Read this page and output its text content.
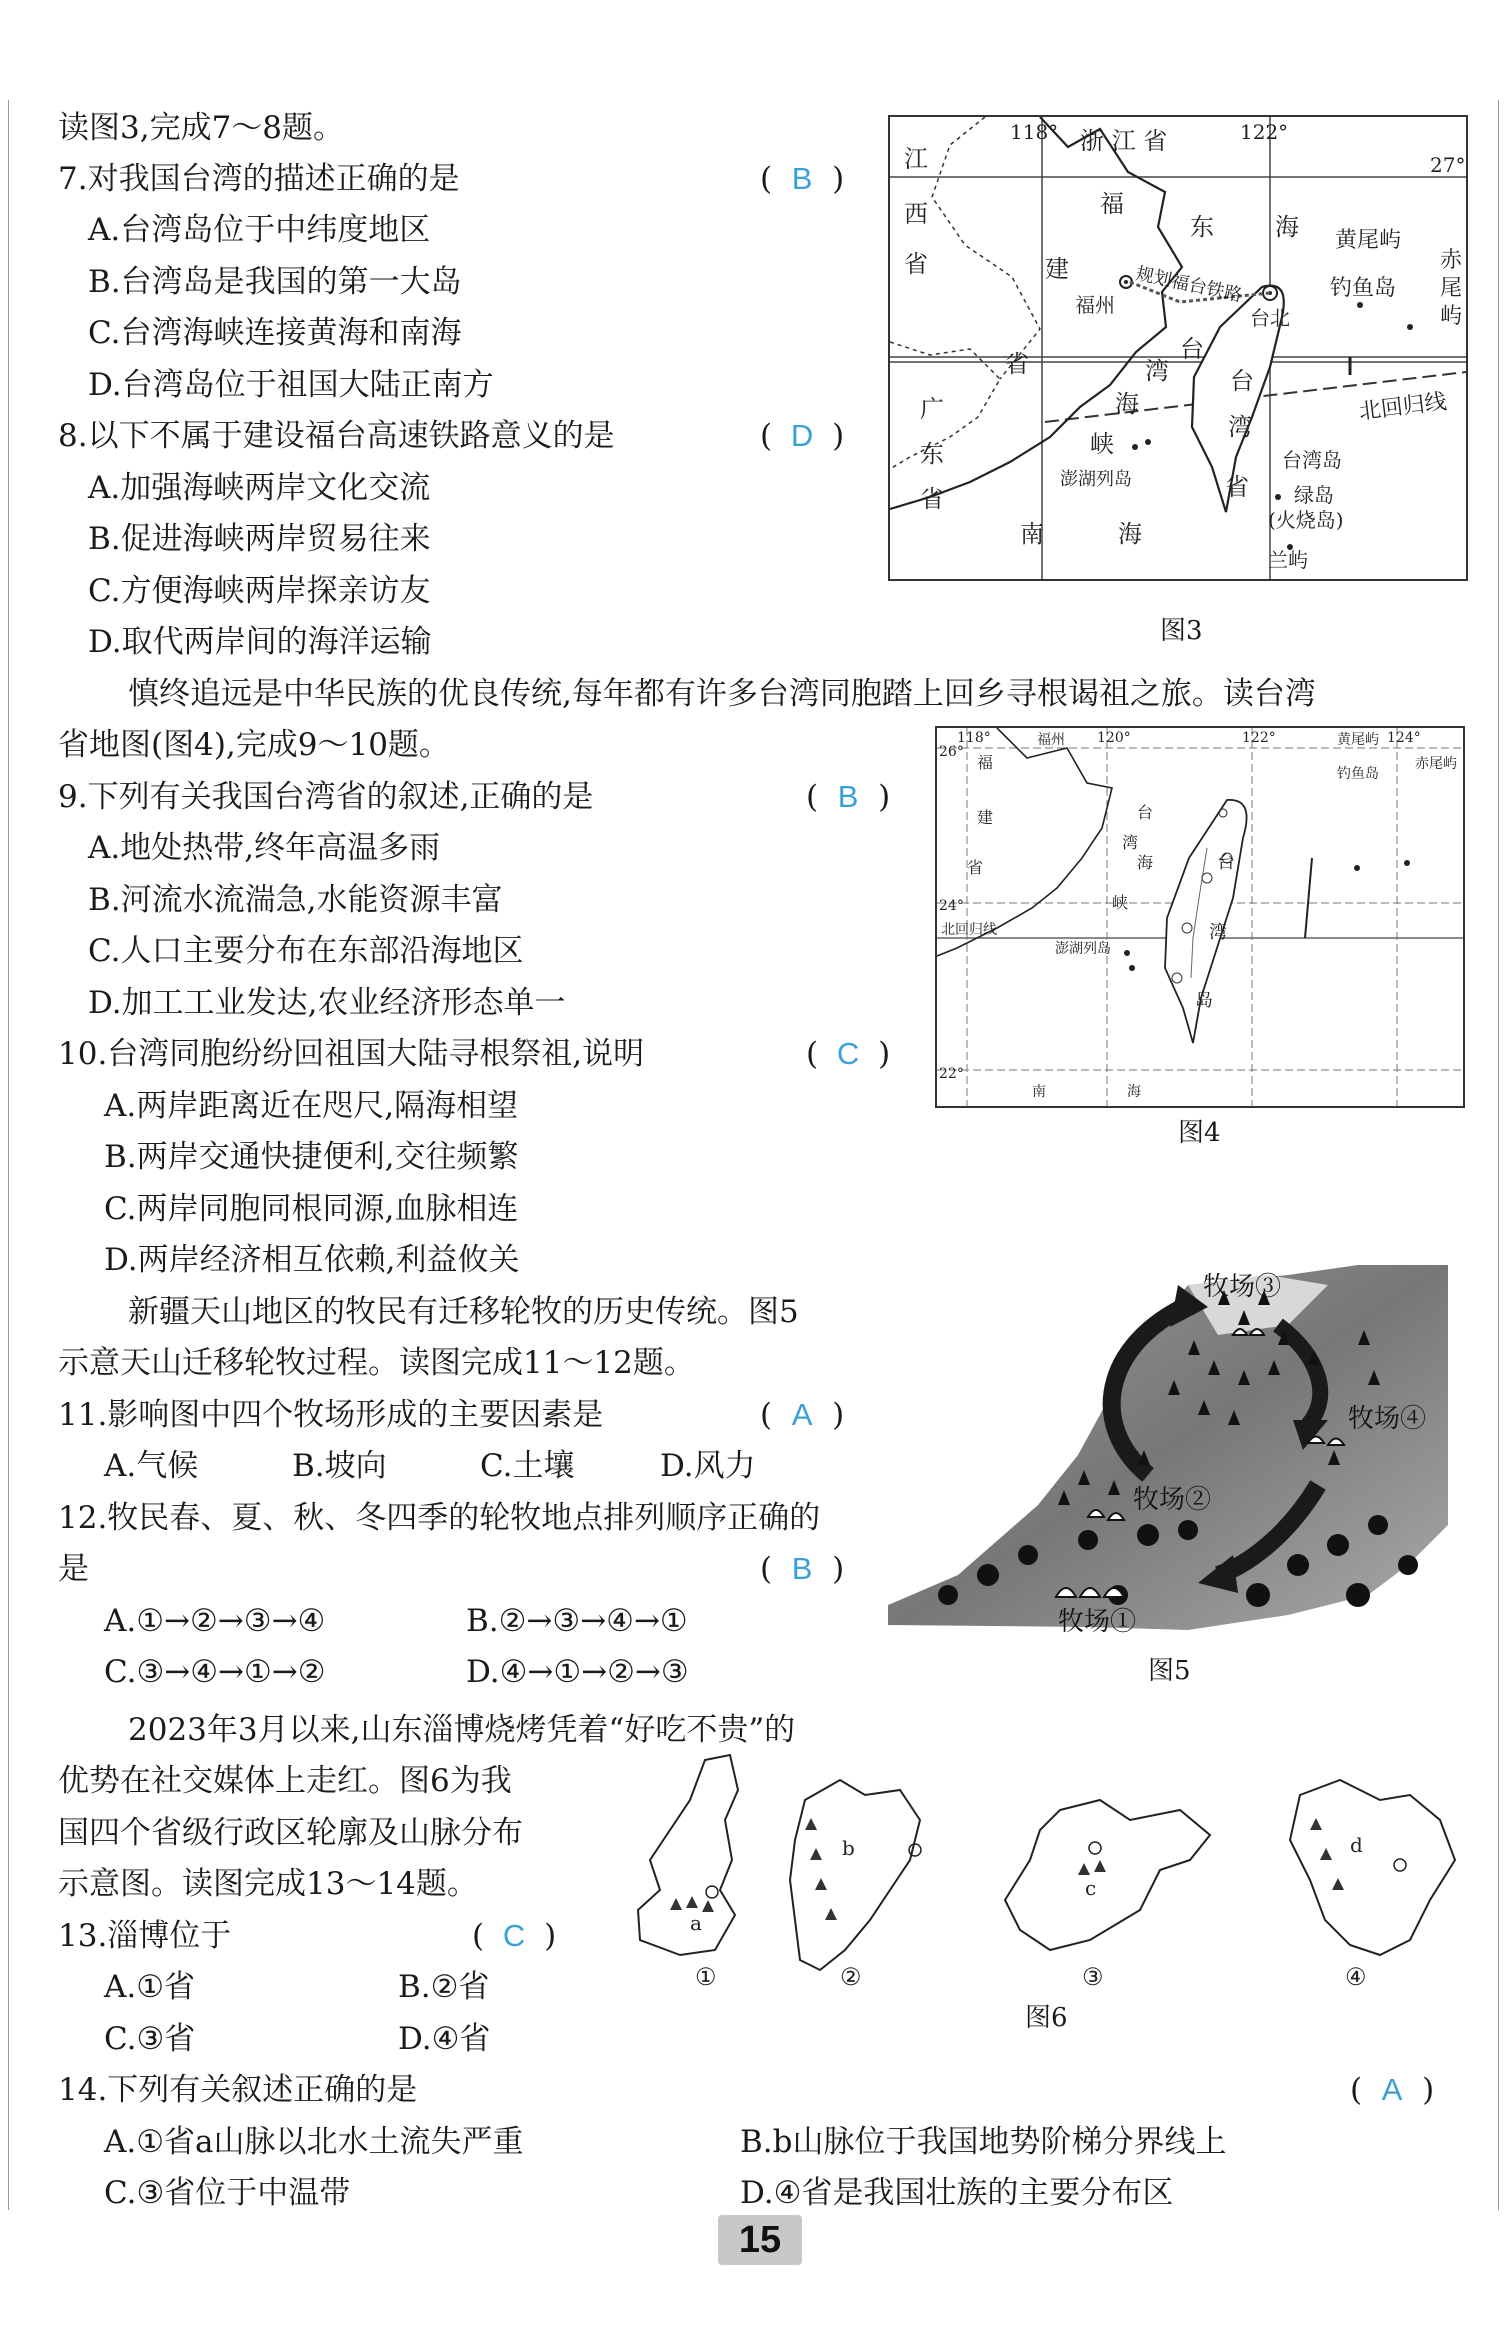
读图3,完成7～8题。
7.对我国台湾的描述正确的是	( B )
A.台湾岛位于中纬度地区
B.台湾岛是我国的第一大岛
C.台湾海峡连接黄海和南海
D.台湾岛位于祖国大陆正南方
8.以下不属于建设福台高速铁路意义的是	( D )
A.加强海峡两岸文化交流
B.促进海峡两岸贸易往来
C.方便海峡两岸探亲访友
D.取代两岸间的海洋运输
118°	122°
27°
浙 江 省
江
西
省
福
建
省
福州 规划福台铁路
台北
东	海 黄尾屿
钓鱼岛
赤
尾
屿
北回归线
台
湾
海
峡
台
湾
省
广
东
省
澎湖列岛
南	海
台湾岛
绿岛
(火烧岛)
兰屿
图3
慎终追远是中华民族的优良传统,每年都有许多台湾同胞踏上回乡寻根谒祖之旅。读台湾
省地图(图4),完成9～10题。
9.下列有关我国台湾省的叙述,正确的是	( B )
A.地处热带,终年高温多雨
B.河流水流湍急,水能资源丰富
C.人口主要分布在东部沿海地区
D.加工工业发达,农业经济形态单一
10.台湾同胞纷纷回祖国大陆寻根祭祖,说明	( C )
A.两岸距离近在咫尺,隔海相望
B.两岸交通快捷便利,交往频繁
C.两岸同胞同根同源,血脉相连
D.两岸经济相互依赖,利益攸关
26°
24°
22°
118°	120°	122°	124°
福州	黄尾屿
赤尾屿
钓鱼岛
福
建
省
台
湾
海
峡
台
湾
岛
北回归线
澎湖列岛
南	海
图4
新疆天山地区的牧民有迁移轮牧的历史传统。图5
示意天山迁移轮牧过程。读图完成11～12题。
11.影响图中四个牧场形成的主要因素是	( A )
A.气候	B.坡向	C.土壤	D.风力
12.牧民春、夏、秋、冬四季的轮牧地点排列顺序正确的
是	( B )
A.①→②→③→④	B.②→③→④→①
C.③→④→①→②	D.④→①→②→③
牧场①
牧场②
牧场③
牧场④
图5
2023年3月以来,山东淄博烧烤凭着“好吃不贵”的
优势在社交媒体上走红。图6为我
国四个省级行政区轮廓及山脉分布
示意图。读图完成13～14题。
13.淄博位于	( C )
A.①省	B.②省
C.③省	D.④省
14.下列有关叙述正确的是	( A )
A.①省a山脉以北水土流失严重	B.b山脉位于我国地势阶梯分界线上
C.③省位于中温带	D.④省是我国壮族的主要分布区
a
b
c
d
①	②	③	④
图6
15
